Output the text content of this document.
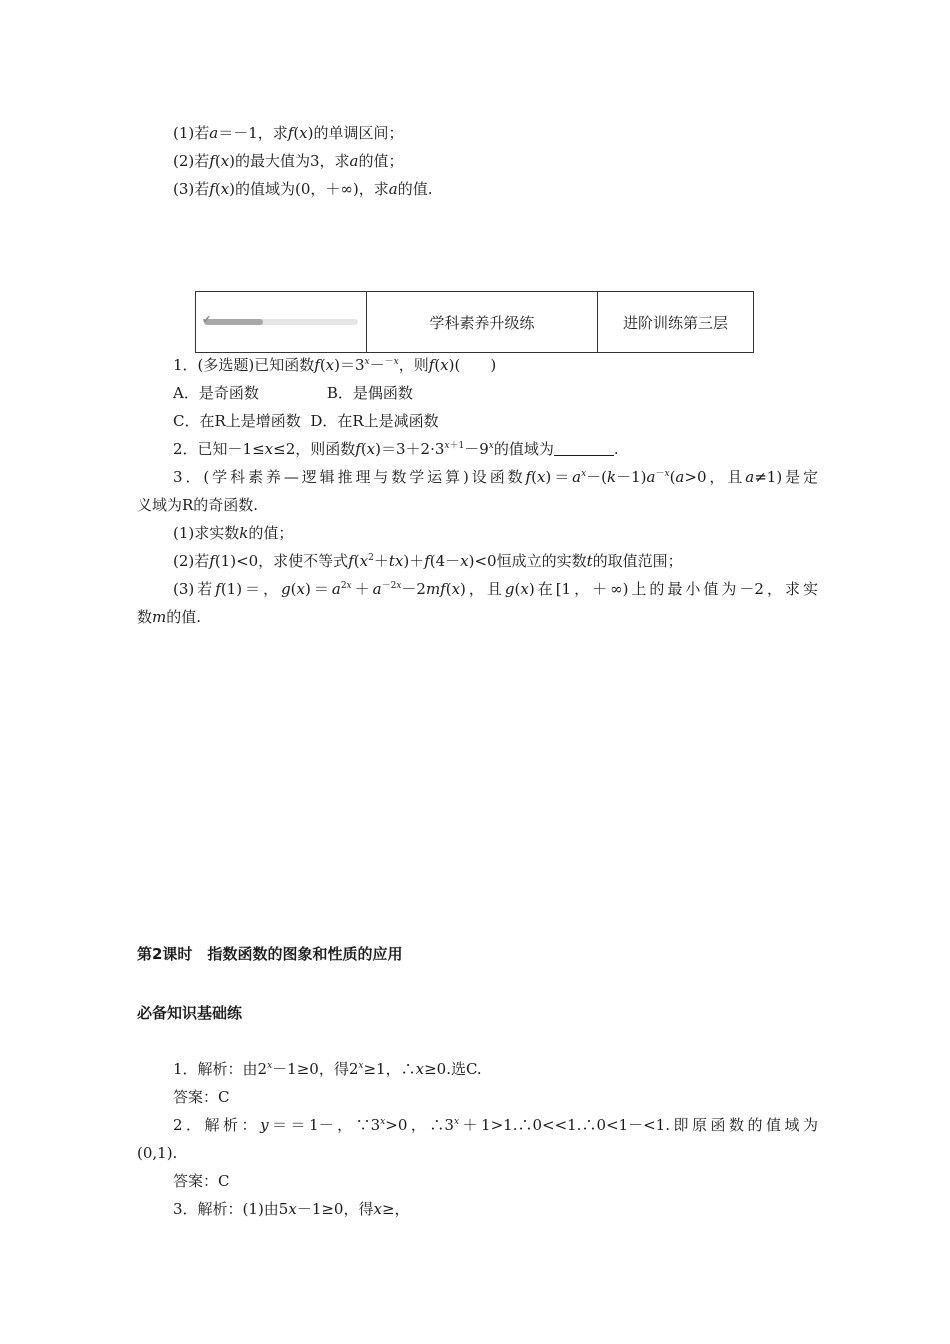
(1)若a＝－1，求f(x)的单调区间；
(2)若f(x)的最大值为3，求a的值；
(3)若f(x)的值域为(0，＋∞)，求a的值.
✔	学科素养升级练	进阶训练第三层
1．(多选题)已知函数$f(x)=3^x-^{-x}$，则f(x)(　　)
A．是奇函数	B．是偶函数
C．在R上是增函数 D．在R上是减函数
2．已知－1≤x≤2，则函数$f(x)=3+2\cdot 3^{x+1}-9^x$的值域为	.
3．(学科素养—逻辑推理与数学运算)设函数$f(x)=a^x-(k-1)a^{-x}(a>0$，且a≠1)是定
义域为R的奇函数.
(1)求实数k的值；
(2)若f(1)<0，求使不等式$f(x^2+tx)+f(4-x)<0$恒成立的实数t的取值范围；
(3)若f(1)＝，$g(x)=a^{2x}+a^{-2x}-2mf(x)$，且g(x)在[1，＋∞)上的最小值为－2，求实
数m的值.
第2课时　指数函数的图象和性质的应用
必备知识基础练
1．解析：由$2^x-1\ge 0$，得$2^x\ge 1$，∴x≥0.选C.
答案：C
2．解析：y＝＝1－，$\because 3^x>0$，$\therefore 3^x+1>1.\therefore 0<<1.\therefore 0<1-<1$.即原函数的值域为
(0,1).
答案：C
3．解析：(1)由5x－1≥0，得x≥，
